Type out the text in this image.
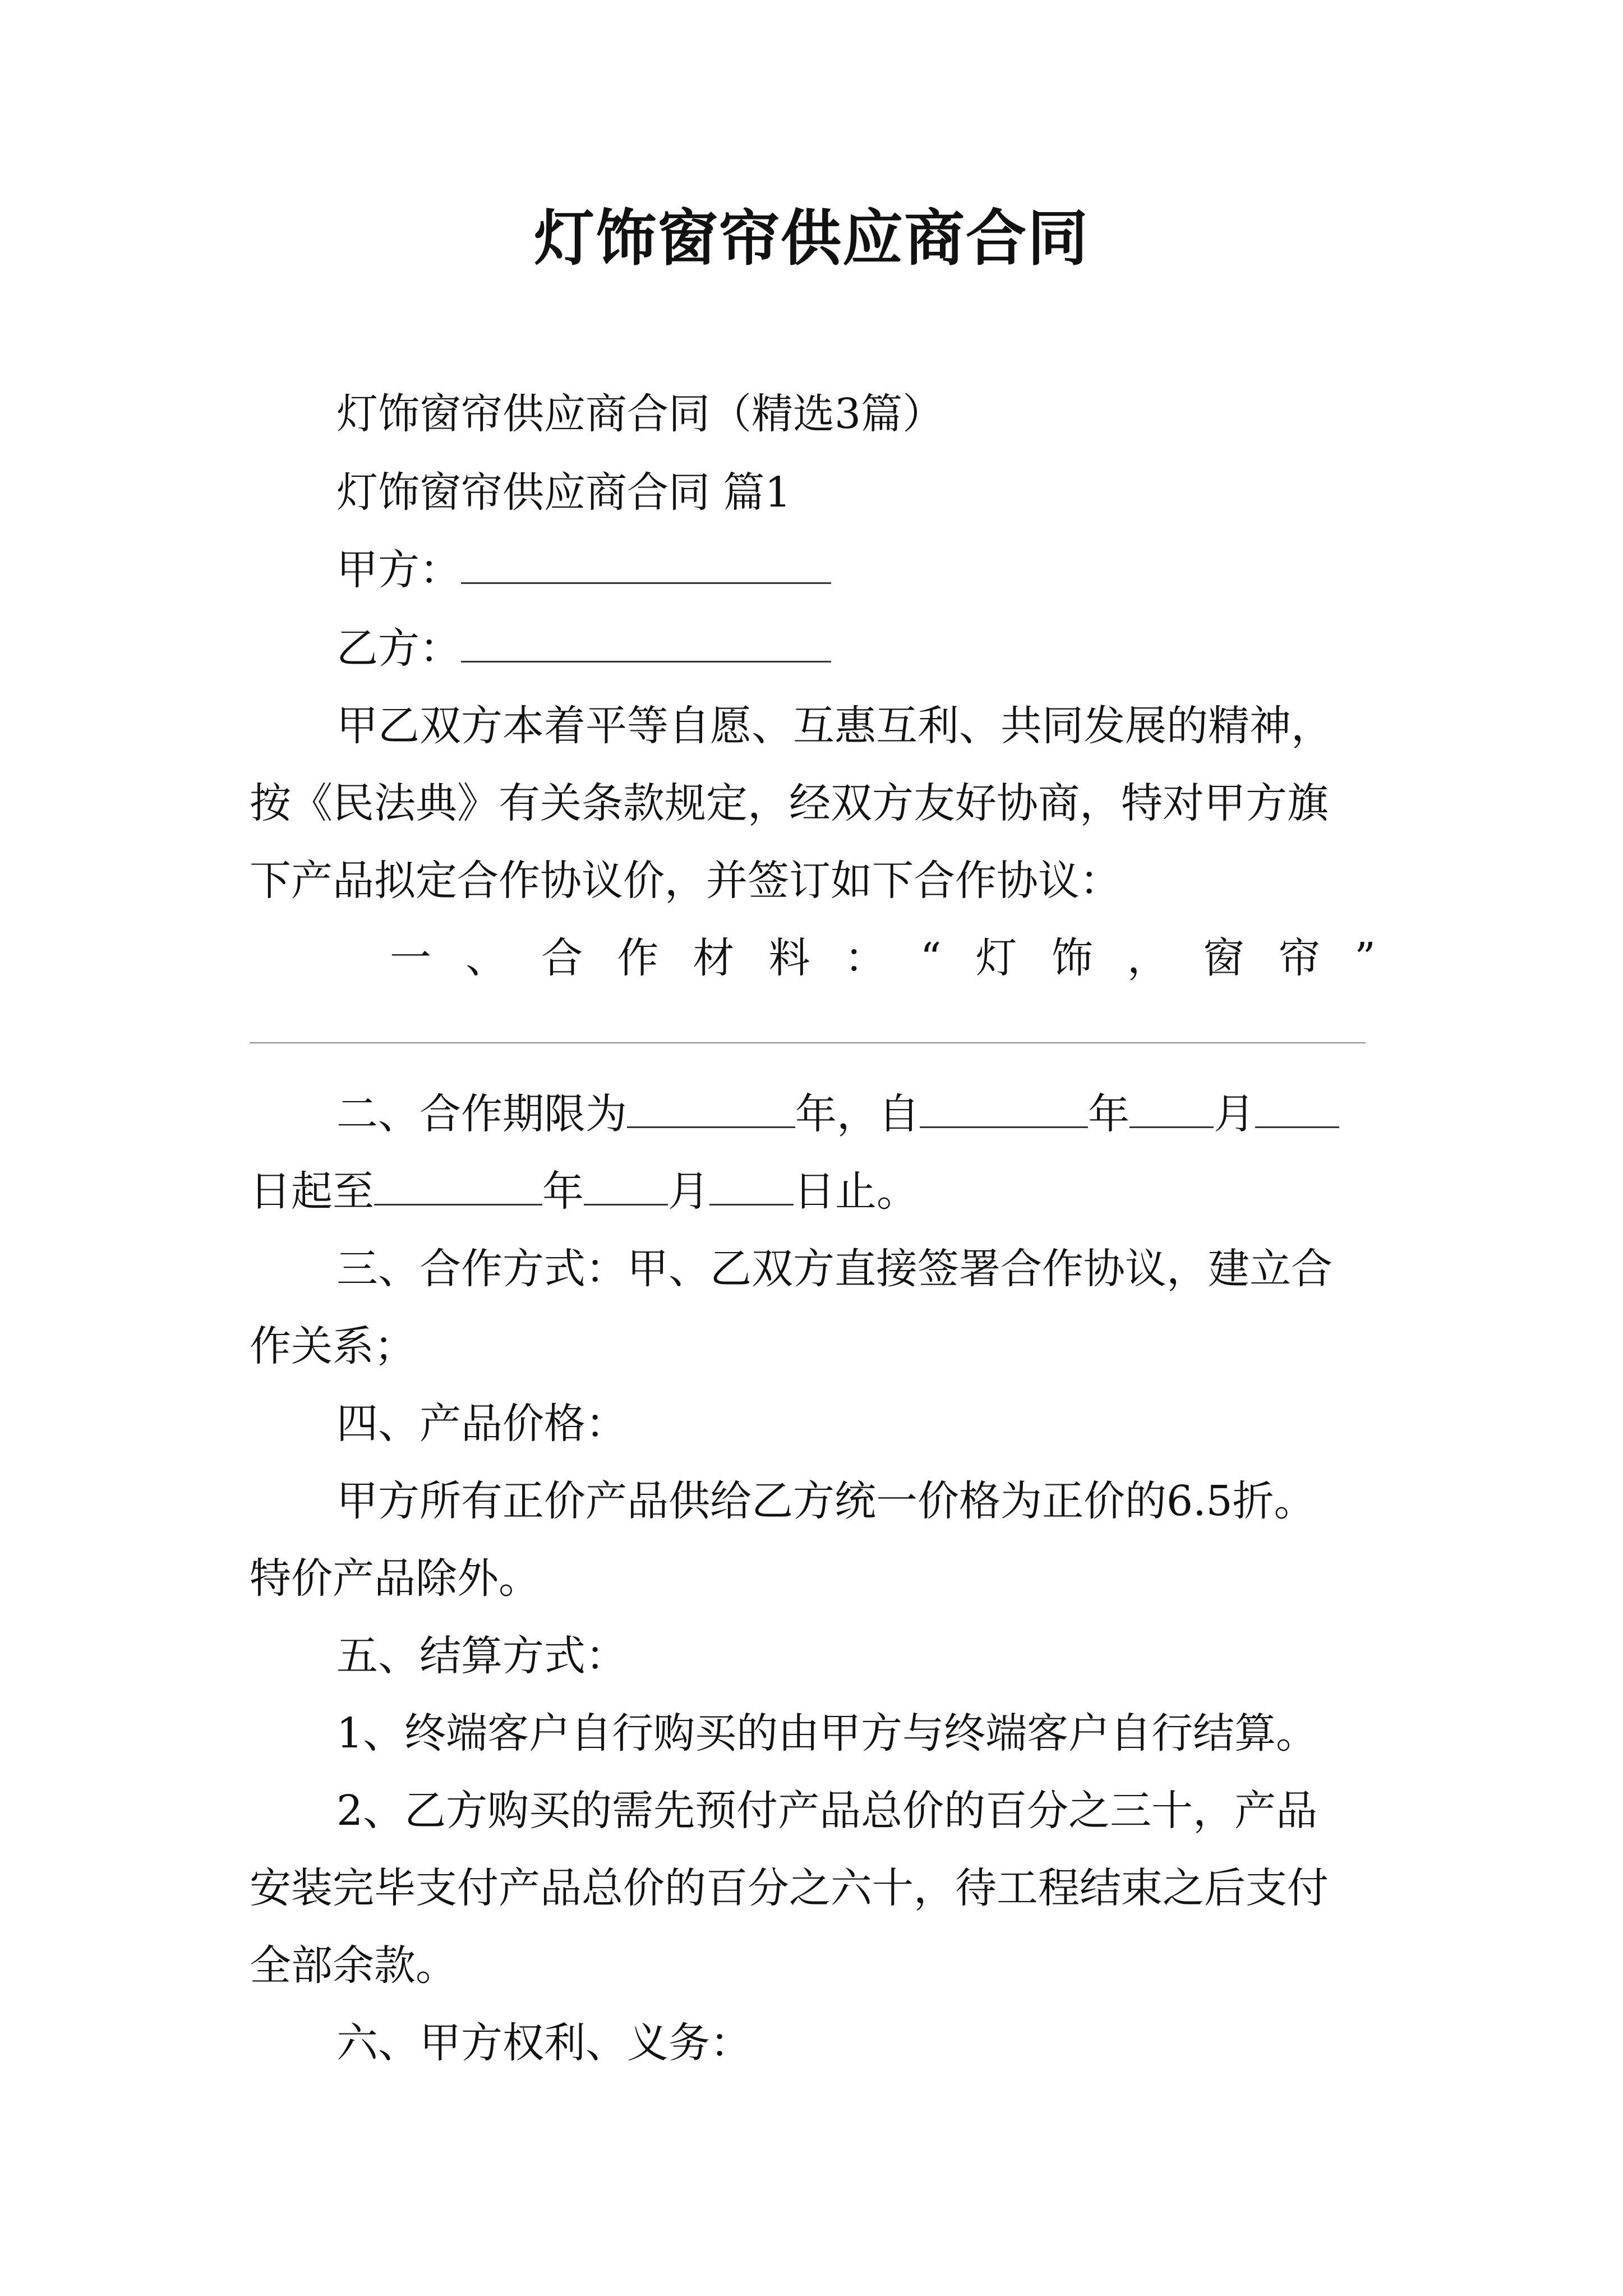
灯饰窗帘供应商合同
灯饰窗帘供应商合同（精选3篇）
灯饰窗帘供应商合同 篇1
甲方：
乙方：
甲乙双方本着平等自愿、互惠互利、共同发展的精神，
按《民法典》有关条款规定，经双方友好协商，特对甲方旗
下产品拟定合作协议价，并签订如下合作协议：
一 、 合 作 材 料 ： “ 灯 饰 ， 窗 帘 ”
二、合作期限为	年，自	年 月
日起至	年 月 日止。
三、合作方式：甲、乙双方直接签署合作协议，建立合
作关系；
四、产品价格：
甲方所有正价产品供给乙方统一价格为正价的6.5折。
特价产品除外。
五、结算方式：
1、终端客户自行购买的由甲方与终端客户自行结算。
2、乙方购买的需先预付产品总价的百分之三十，产品
安装完毕支付产品总价的百分之六十，待工程结束之后支付
全部余款。
六、甲方权利、义务：
